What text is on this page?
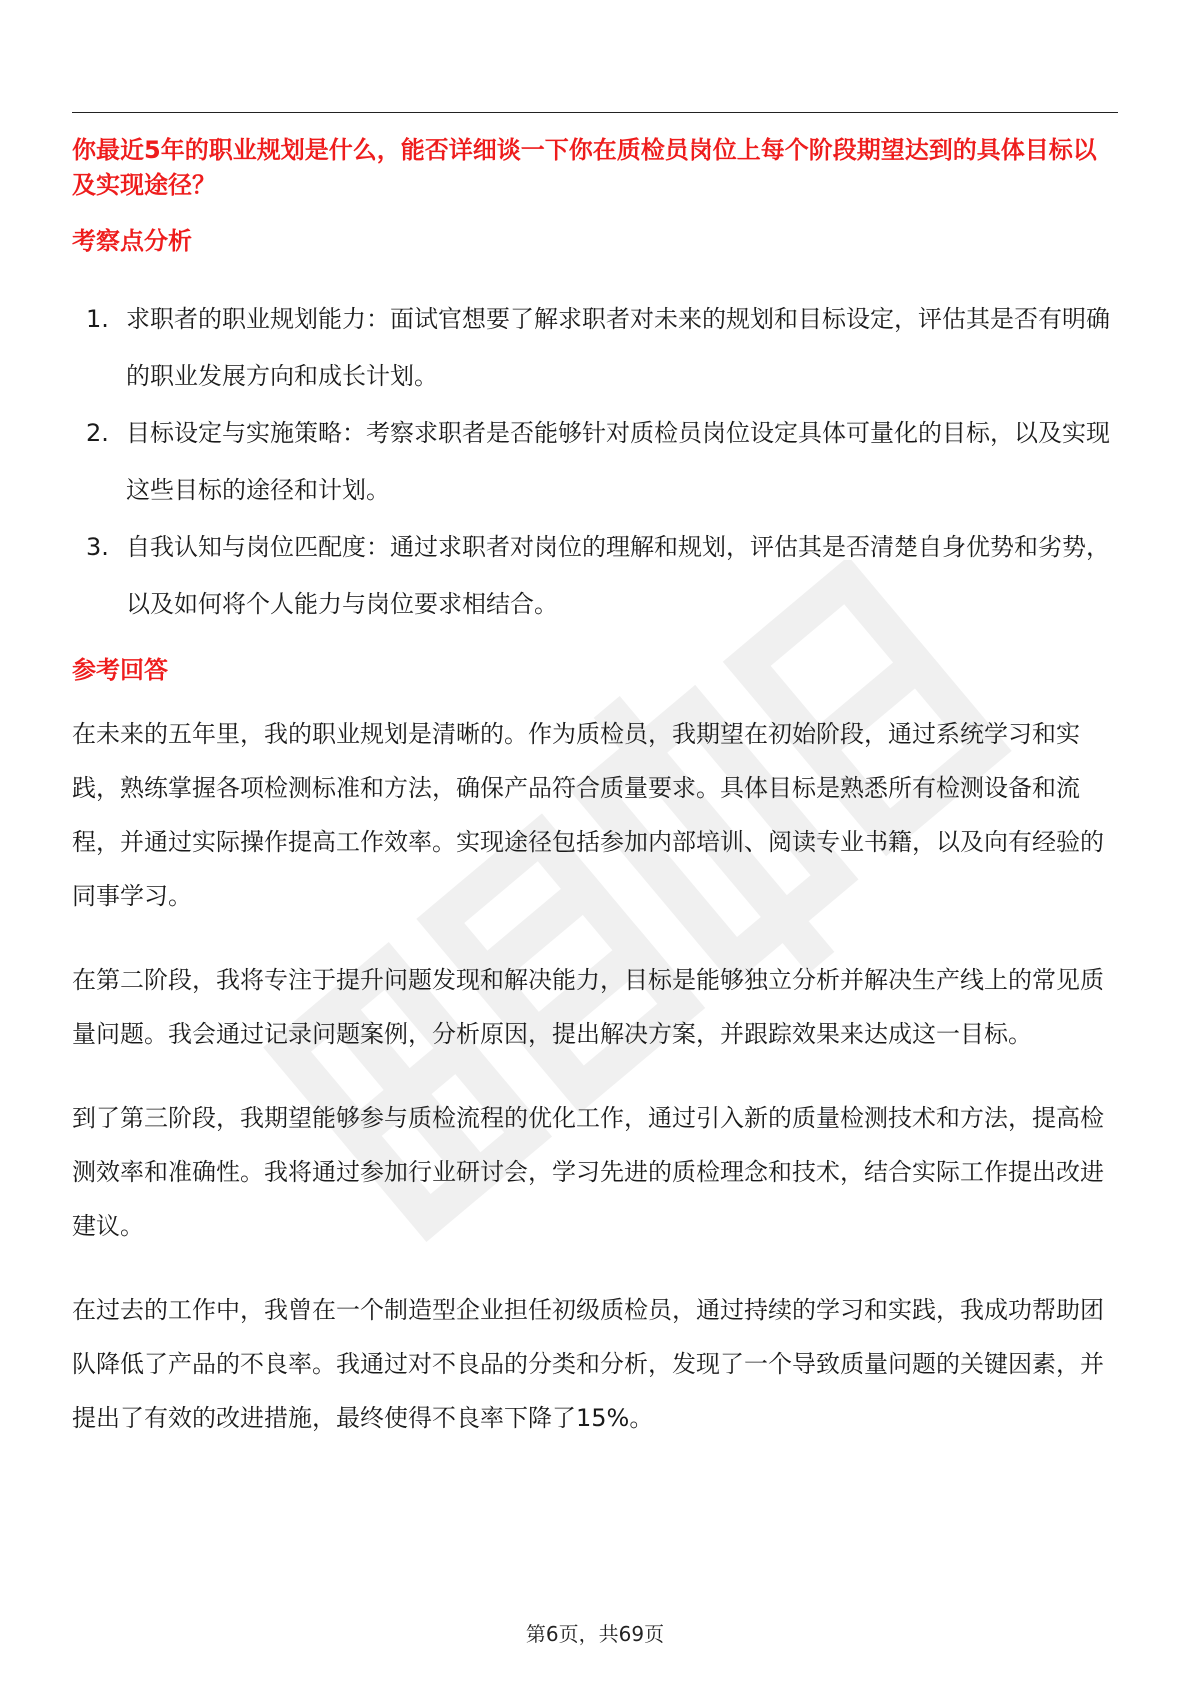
你最近5年的职业规划是什么，能否详细谈一下你在质检员岗位上每个阶段期望达到的具体目标以及实现途径？

考察点分析
1. 求职者的职业规划能力：面试官想要了解求职者对未来的规划和目标设定，评估其是否有明确的职业发展方向和成长计划。
2. 目标设定与实施策略：考察求职者是否能够针对质检员岗位设定具体可量化的目标，以及实现这些目标的途径和计划。
3. 自我认知与岗位匹配度：通过求职者对岗位的理解和规划，评估其是否清楚自身优势和劣势，以及如何将个人能力与岗位要求相结合。
参考回答

在未来的五年里，我的职业规划是清晰的。作为质检员，我期望在初始阶段，通过系统学习和实践，熟练掌握各项检测标准和方法，确保产品符合质量要求。具体目标是熟悉所有检测设备和流程，并通过实际操作提高工作效率。实现途径包括参加内部培训、阅读专业书籍，以及向有经验的同事学习。

在第二阶段，我将专注于提升问题发现和解决能力，目标是能够独立分析并解决生产线上的常见质量问题。我会通过记录问题案例，分析原因，提出解决方案，并跟踪效果来达成这一目标。

到了第三阶段，我期望能够参与质检流程的优化工作，通过引入新的质量检测技术和方法，提高检测效率和准确性。我将通过参加行业研讨会，学习先进的质检理念和技术，结合实际工作提出改进建议。

在过去的工作中，我曾在一个制造型企业担任初级质检员，通过持续的学习和实践，我成功帮助团队降低了产品的不良率。我通过对不良品的分类和分析，发现了一个导致质量问题的关键因素，并提出了有效的改进措施，最终使得不良率下降了15%。

第6页，共69页
